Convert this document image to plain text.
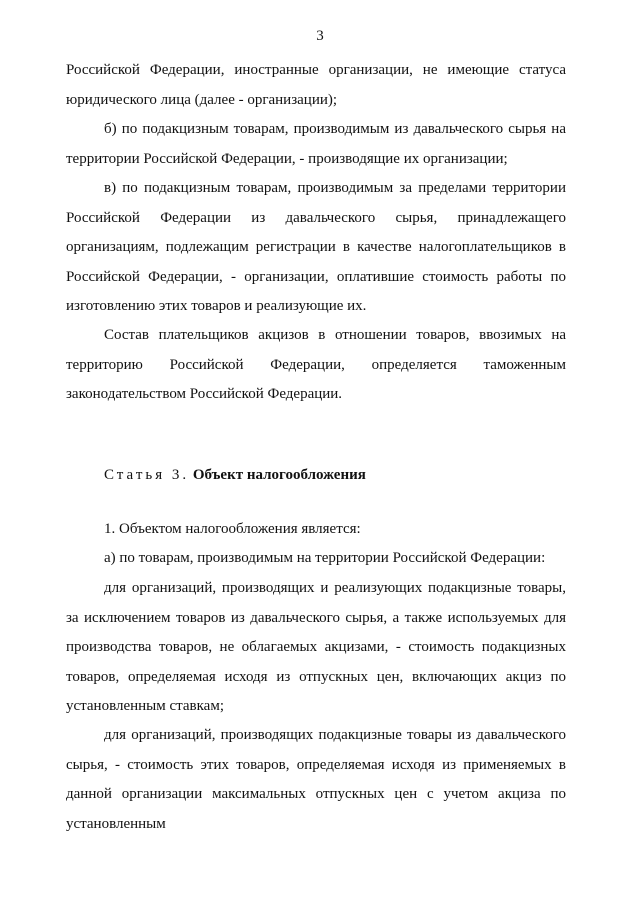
3

Российской Федерации, иностранные организации, не имеющие статуса юридического лица (далее - организации);

б) по подакцизным товарам, производимым из давальческого сырья на территории Российской Федерации, - производящие их организации;

в) по подакцизным товарам, производимым за пределами территории Российской Федерации из давальческого сырья, принадлежащего организациям, подлежащим регистрации в качестве налогоплательщиков в Российской Федерации, - организации, оплатившие стоимость работы по изготовлению этих товаров и реализующие их.

Состав плательщиков акцизов в отношении товаров, ввозимых на территорию Российской Федерации, определяется таможенным законодательством Российской Федерации.

Статья 3. Объект налогообложения

1. Объектом налогообложения является:

а) по товарам, производимым на территории Российской Федерации:

для организаций, производящих и реализующих подакцизные товары, за исключением товаров из давальческого сырья, а также используемых для производства товаров, не облагаемых акцизами, - стоимость подакцизных товаров, определяемая исходя из отпускных цен, включающих акциз по установленным ставкам;

для организаций, производящих подакцизные товары из давальческого сырья, - стоимость этих товаров, определяемая исходя из применяемых в данной организации максимальных отпускных цен с учетом акциза по установленным
